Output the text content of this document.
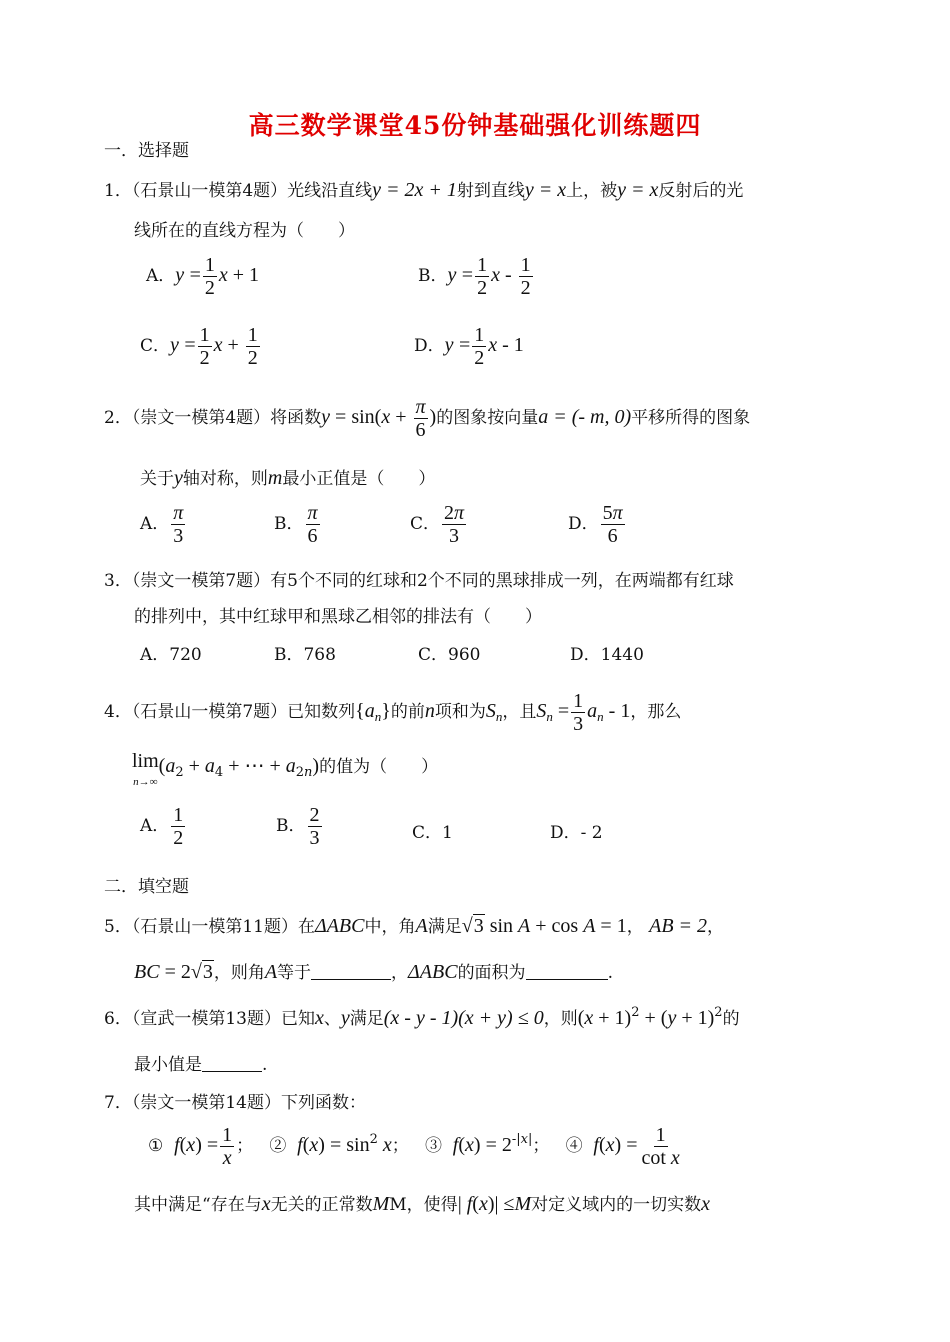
高三数学课堂45份钟基础强化训练题四
一．选择题
1．（石景山一模第4题）光线沿直线y = 2x + 1射到直线y = x上，被y = x反射后的光
线所在的直线方程为（　　）
A．$y = \frac{1}{2}$ x + 1	B．$y = \frac{1}{2}$ x - $\frac{1}{2}$
C．$y = \frac{1}{2}$ $x + \frac{1}{2}$	D．$y = \frac{1}{2}$ x - 1
2．（崇文一模第4题）将函数$y = \sin(x + \frac{\pi}{6}$ )的图象按向量a = (- m, 0)平移所得的图象
关于y轴对称，则m最小正值是（　　）
A． $\frac{\pi}{3}$	B． $\frac{\pi}{6}$	C． $\frac{2\pi}{3}$	D． $\frac{5\pi}{6}$
3．（崇文一模第7题）有5个不同的红球和2个不同的黑球排成一列，在两端都有红球
的排列中，其中红球甲和黑球乙相邻的排法有（　　）
A．720	B．768	C．960	D．1440
4．（石景山一模第7题）已知数列$\{a_n\}$的前n项和为$S_n$，且$S_n = \frac{1}{3} a_n - 1$，那么
lim
$n\to\infty(a_2 + a_4$ + ⋯ + $a_{2n}$)的值为（　　）
A． $\frac{1}{2}$	B． $\frac{2}{3}$	C．1	D．- 2
二．填空题
5．（石景山一模第11题）在ΔABC中，角A满足√3 sin A + cos A = 1， AB = 2，
BC = 2√3，则角A等于	，ΔABC的面积为	.
6．（宣武一模第13题）已知x、y满足(x - y - 1)(x + y) ≤ 0，则$(x + 1)^2 + (y + 1)^2$的
最小值是	.
7．（崇文一模第14题）下列函数：
① $f(x) = \frac{1}{x}$ ； ② $f(x) = \sin^2 x$； ③ $f(x) = 2^{-|x|}$； ④ $f(x) = \frac{1}{\text{cot x}}$
其中满足“存在与x无关的正常数MM，使得| f(x)| ≤M对定义域内的一切实数x
